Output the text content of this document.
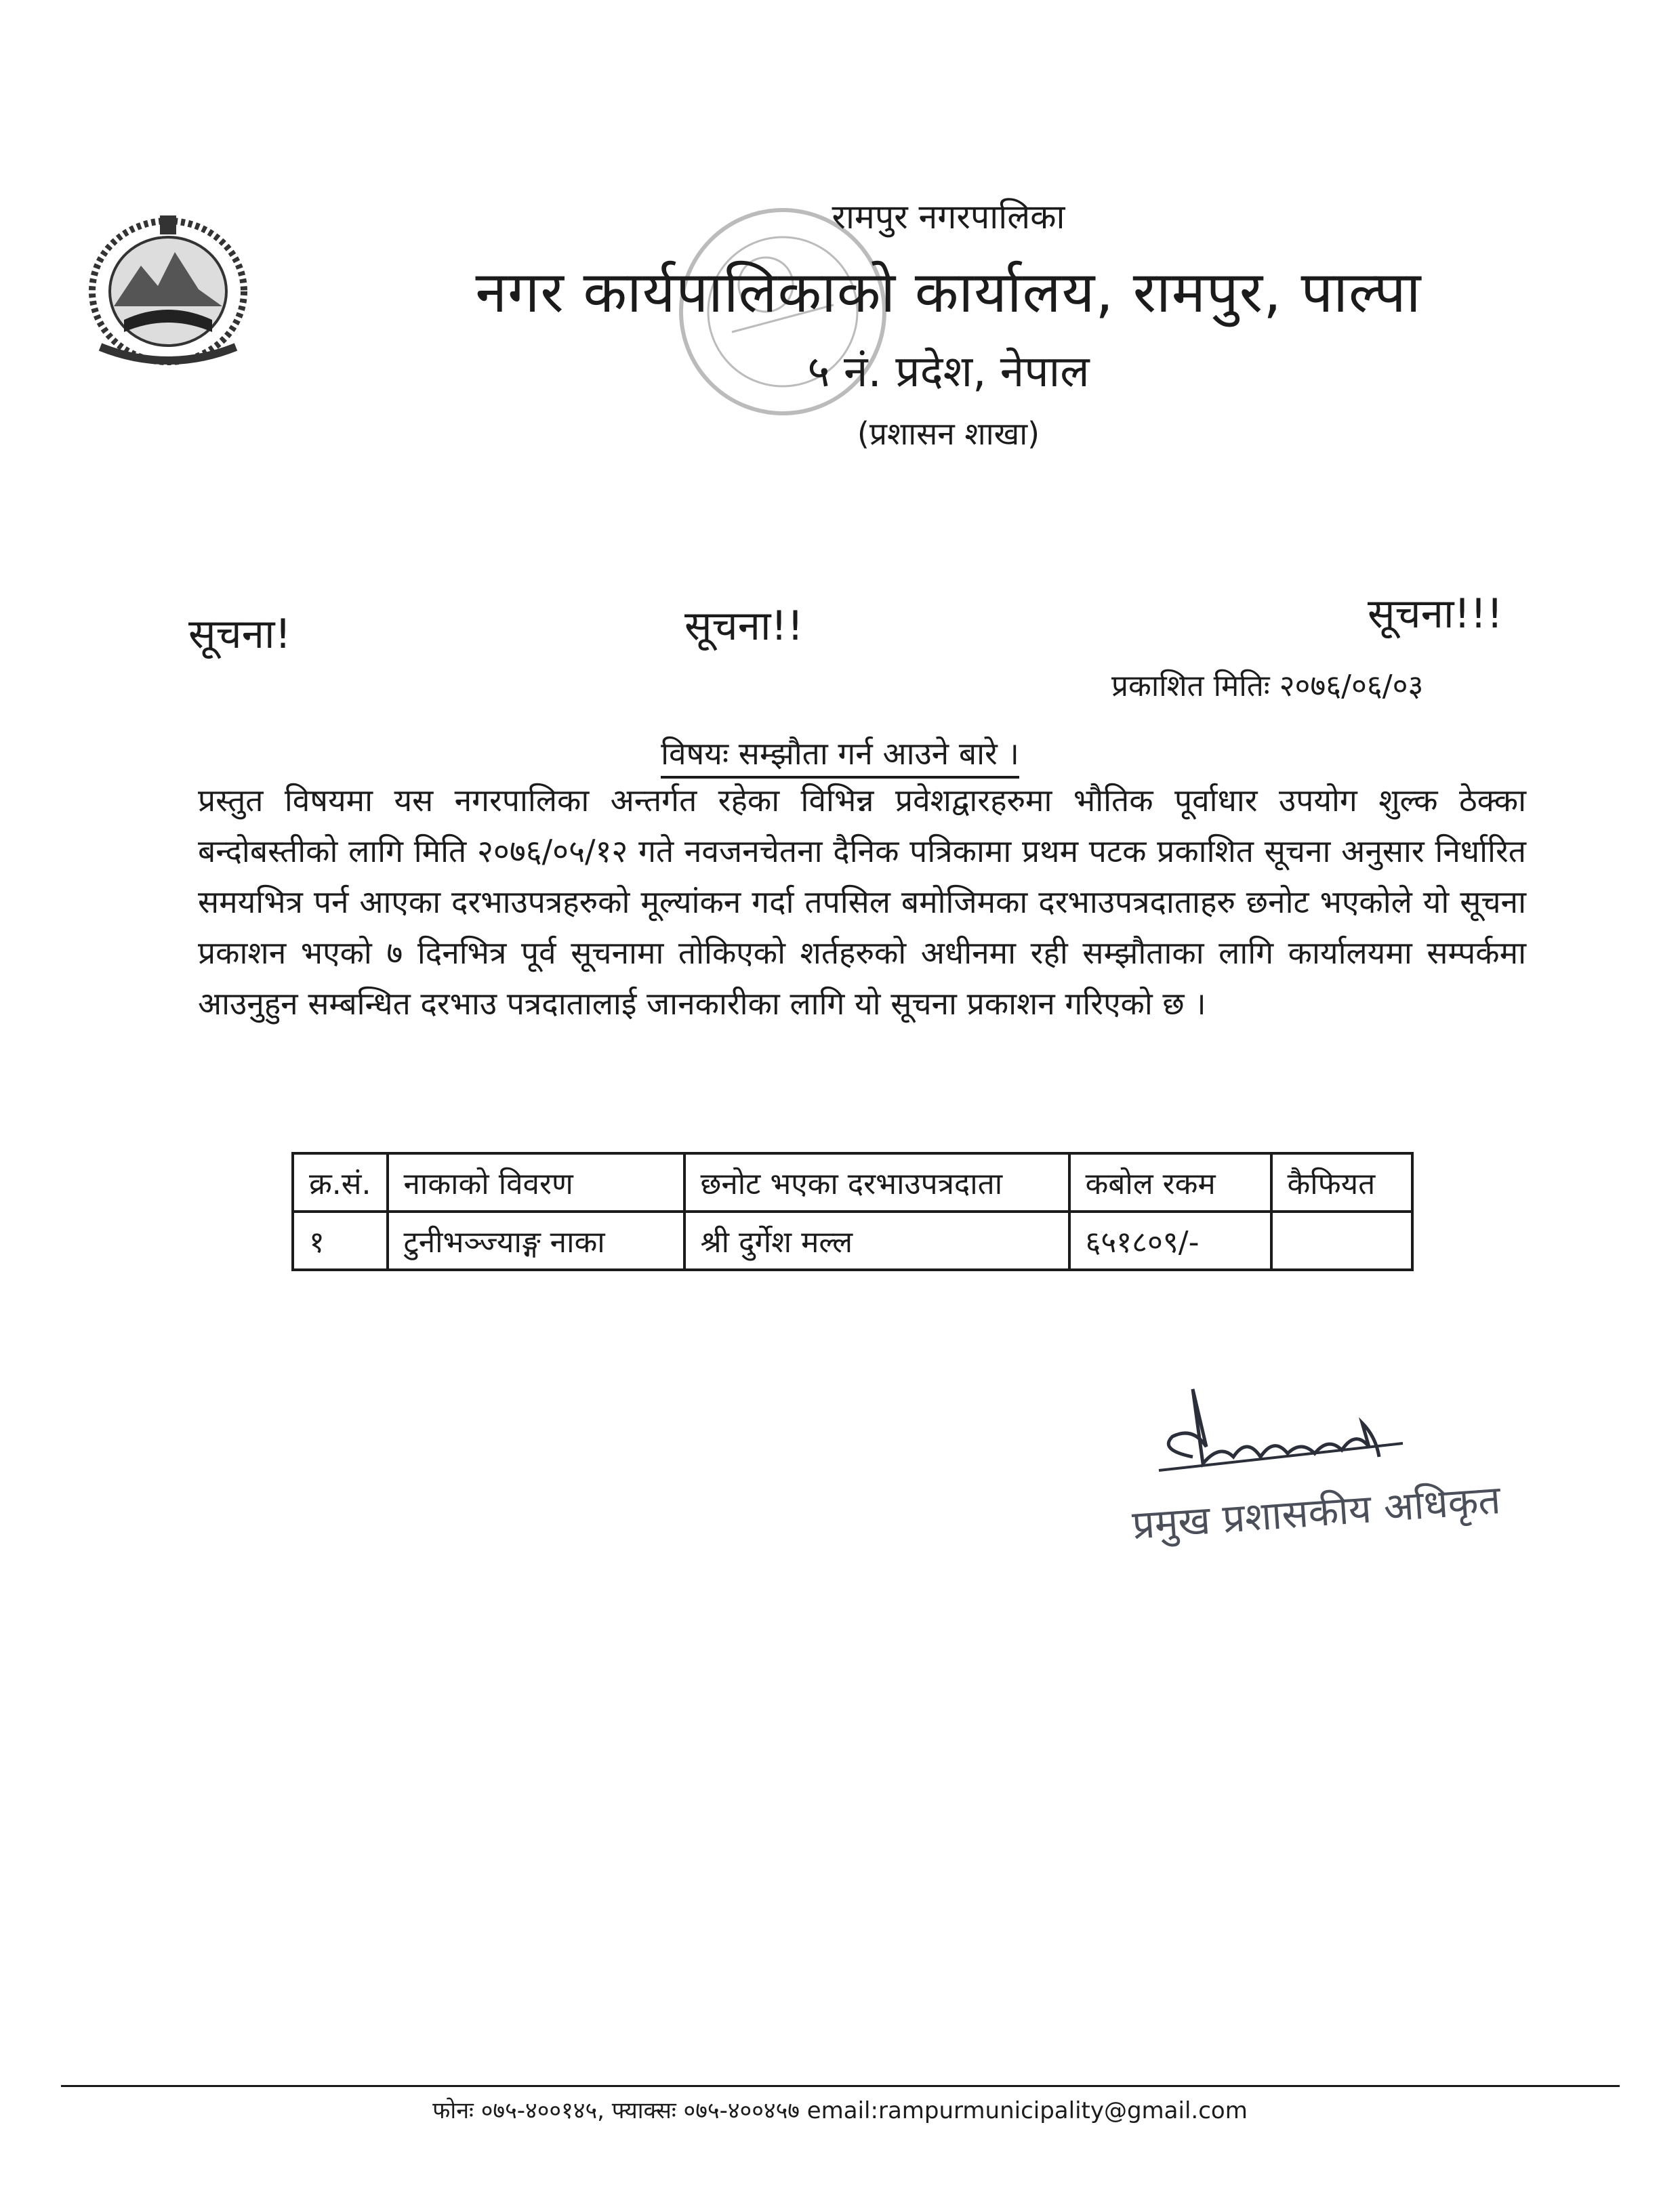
रामपुर नगरपालिका
नगर कार्यपालिकाको कार्यालय, रामपुर, पाल्पा
५ नं. प्रदेश, नेपाल
(प्रशासन शाखा)
सूचना!	सूचना!!	सूचना!!!
प्रकाशित मितिः २०७६/०६/०३
विषयः सम्झौता गर्न आउने बारे ।
प्रस्तुत विषयमा यस नगरपालिका अन्तर्गत रहेका विभिन्न प्रवेशद्वारहरुमा भौतिक पूर्वाधार उपयोग शुल्क ठेक्का बन्दोबस्तीको लागि मिति २०७६/०५/१२ गते नवजनचेतना दैनिक पत्रिकामा प्रथम पटक प्रकाशित सूचना अनुसार निर्धारित समयभित्र पर्न आएका दरभाउपत्रहरुको मूल्यांकन गर्दा तपसिल बमोजिमका दरभाउपत्रदाताहरु छनोट भएकोले यो सूचना प्रकाशन भएको ७ दिनभित्र पूर्व सूचनामा तोकिएको शर्तहरुको अधीनमा रही सम्झौताका लागि कार्यालयमा सम्पर्कमा आउनुहुन सम्बन्धित दरभाउ पत्रदातालाई जानकारीका लागि यो सूचना प्रकाशन गरिएको छ ।
क्र.सं.	नाकाको विवरण	छनोट भएका दरभाउपत्रदाता	कबोल रकम	कैफियत
१	टुनीभञ्ज्याङ्ग नाका	श्री दुर्गेश मल्ल	६५१८०९/-	
प्रमुख प्रशासकीय अधिकृत
फोनः ०७५-४००१४५, फ्याक्सः ०७५-४००४५७ email:rampurmunicipality@gmail.com
